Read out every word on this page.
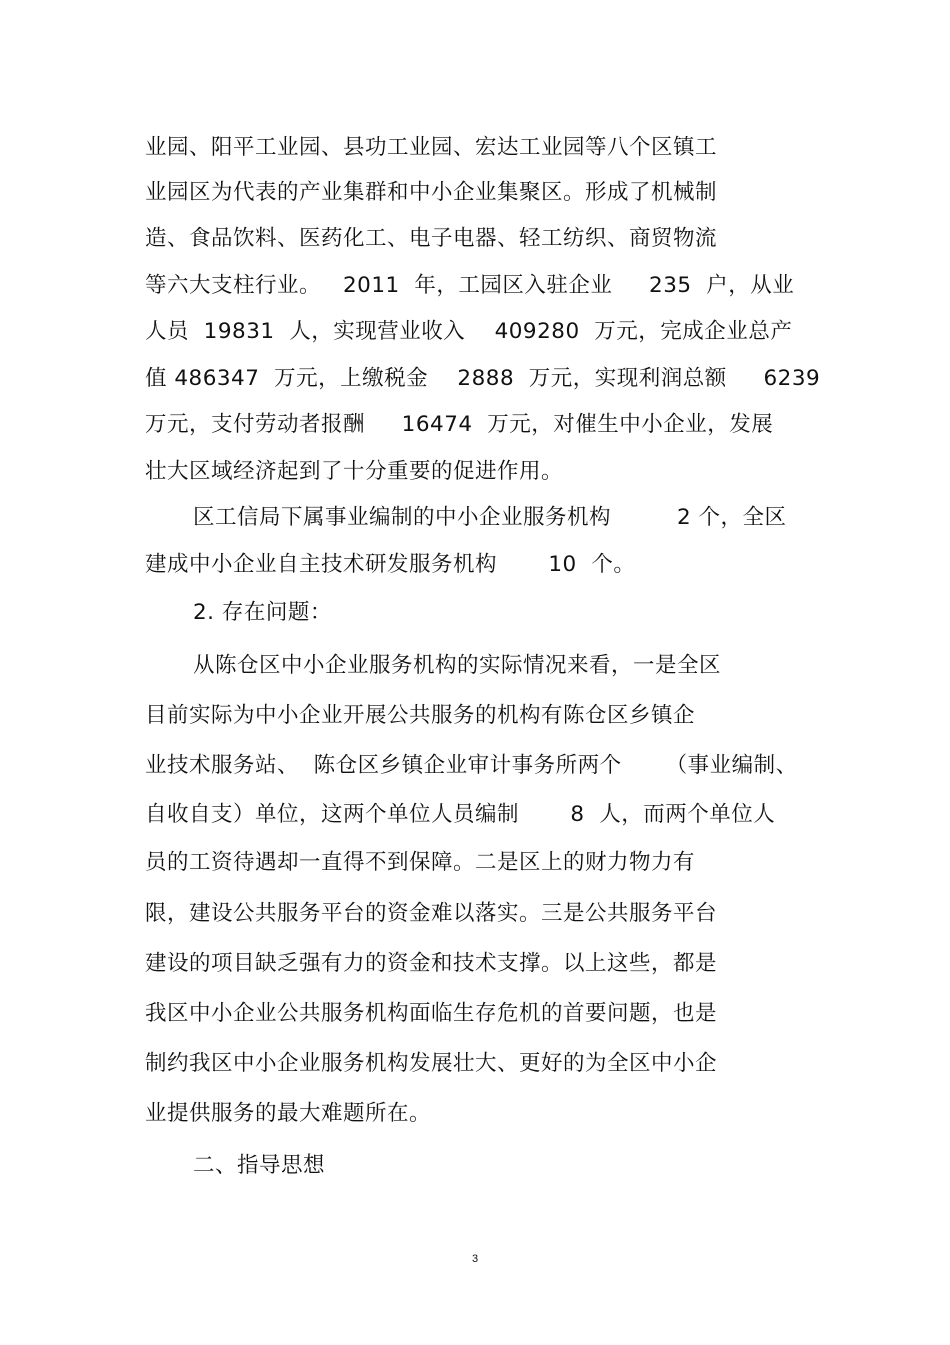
业园、阳平工业园、县功工业园、宏达工业园等八个区镇工
业园区为代表的产业集群和中小企业集聚区。形成了机械制
造、食品饮料、医药化工、电子电器、轻工纺织、商贸物流
等六大支柱行业。   2011  年，工园区入驻企业     235  户，从业
人员  19831  人，实现营业收入    409280  万元，完成企业总产
值 486347  万元，上缴税金    2888  万元，实现利润总额     6239
万元，支付劳动者报酬     16474  万元，对催生中小企业，发展
壮大区域经济起到了十分重要的促进作用。
区工信局下属事业编制的中小企业服务机构         2 个，全区
建成中小企业自主技术研发服务机构       10  个。
2. 存在问题：
从陈仓区中小企业服务机构的实际情况来看，一是全区
目前实际为中小企业开展公共服务的机构有陈仓区乡镇企
业技术服务站、  陈仓区乡镇企业审计事务所两个      （事业编制、
自收自支）单位，这两个单位人员编制       8  人，而两个单位人
员的工资待遇却一直得不到保障。二是区上的财力物力有
限，建设公共服务平台的资金难以落实。三是公共服务平台
建设的项目缺乏强有力的资金和技术支撑。以上这些，都是
我区中小企业公共服务机构面临生存危机的首要问题，也是
制约我区中小企业服务机构发展壮大、更好的为全区中小企
业提供服务的最大难题所在。
二、指导思想
3
